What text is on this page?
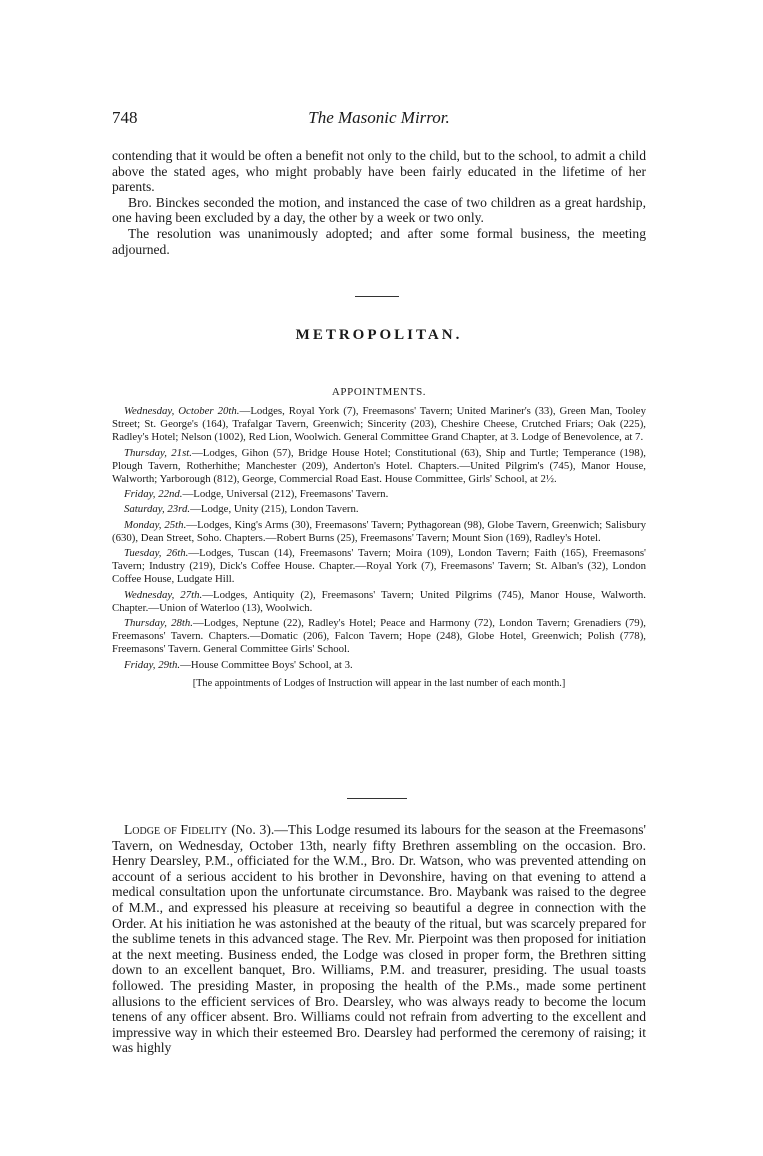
748	The Masonic Mirror.

contending that it would be often a benefit not only to the child, but to the school, to admit a child above the stated ages, who might probably have been fairly educated in the lifetime of her parents.

Bro. Binckes seconded the motion, and instanced the case of two children as a great hardship, one having been excluded by a day, the other by a week or two only.

The resolution was unanimously adopted; and after some formal business, the meeting adjourned.

METROPOLITAN.
APPOINTMENTS.

Wednesday, October 20th.—Lodges, Royal York (7), Freemasons' Tavern; United Mariner's (33), Green Man, Tooley Street; St. George's (164), Trafalgar Tavern, Greenwich; Sincerity (203), Cheshire Cheese, Crutched Friars; Oak (225), Radley's Hotel; Nelson (1002), Red Lion, Woolwich. General Committee Grand Chapter, at 3. Lodge of Benevolence, at 7.

Thursday, 21st.—Lodges, Gihon (57), Bridge House Hotel; Constitutional (63), Ship and Turtle; Temperance (198), Plough Tavern, Rotherhithe; Manchester (209), Anderton's Hotel. Chapters.—United Pilgrim's (745), Manor House, Walworth; Yarborough (812), George, Commercial Road East. House Committee, Girls' School, at 2½.

Friday, 22nd.—Lodge, Universal (212), Freemasons' Tavern.

Saturday, 23rd.—Lodge, Unity (215), London Tavern.

Monday, 25th.—Lodges, King's Arms (30), Freemasons' Tavern; Pythagorean (98), Globe Tavern, Greenwich; Salisbury (630), Dean Street, Soho. Chapters.—Robert Burns (25), Freemasons' Tavern; Mount Sion (169), Radley's Hotel.

Tuesday, 26th.—Lodges, Tuscan (14), Freemasons' Tavern; Moira (109), London Tavern; Faith (165), Freemasons' Tavern; Industry (219), Dick's Coffee House. Chapter.—Royal York (7), Freemasons' Tavern; St. Alban's (32), London Coffee House, Ludgate Hill.

Wednesday, 27th.—Lodges, Antiquity (2), Freemasons' Tavern; United Pilgrims (745), Manor House, Walworth. Chapter.—Union of Waterloo (13), Woolwich.

Thursday, 28th.—Lodges, Neptune (22), Radley's Hotel; Peace and Harmony (72), London Tavern; Grenadiers (79), Freemasons' Tavern. Chapters.—Domatic (206), Falcon Tavern; Hope (248), Globe Hotel, Greenwich; Polish (778), Freemasons' Tavern. General Committee Girls' School.

Friday, 29th.—House Committee Boys' School, at 3.

[The appointments of Lodges of Instruction will appear in the last number of each month.]

Lodge of Fidelity (No. 3).—This Lodge resumed its labours for the season at the Freemasons' Tavern, on Wednesday, October 13th, nearly fifty Brethren assembling on the occasion. Bro. Henry Dearsley, P.M., officiated for the W.M., Bro. Dr. Watson, who was prevented attending on account of a serious accident to his brother in Devonshire, having on that evening to attend a medical consultation upon the unfortunate circumstance. Bro. Maybank was raised to the degree of M.M., and expressed his pleasure at receiving so beautiful a degree in connection with the Order. At his initiation he was astonished at the beauty of the ritual, but was scarcely prepared for the sublime tenets in this advanced stage. The Rev. Mr. Pierpoint was then proposed for initiation at the next meeting. Business ended, the Lodge was closed in proper form, the Brethren sitting down to an excellent banquet, Bro. Williams, P.M. and treasurer, presiding. The usual toasts followed. The presiding Master, in proposing the health of the P.Ms., made some pertinent allusions to the efficient services of Bro. Dearsley, who was always ready to become the locum tenens of any officer absent. Bro. Williams could not refrain from adverting to the excellent and impressive way in which their esteemed Bro. Dearsley had performed the ceremony of raising; it was highly
